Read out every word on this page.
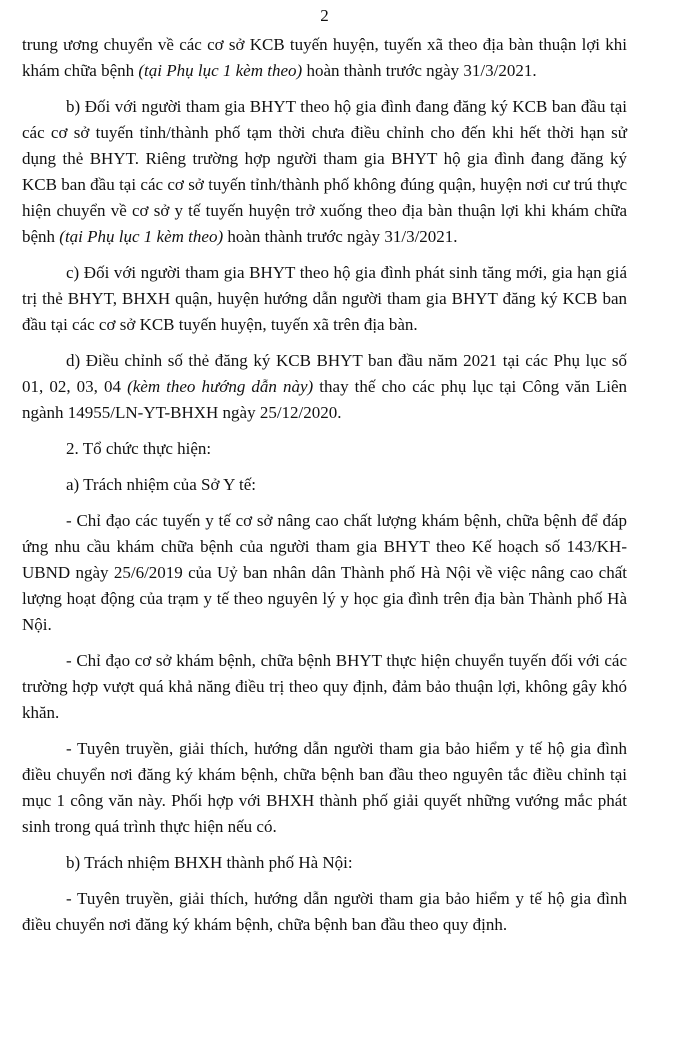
2

trung ương chuyển về các cơ sở KCB tuyến huyện, tuyến xã theo địa bàn thuận lợi khi khám chữa bệnh (tại Phụ lục 1 kèm theo) hoàn thành trước ngày 31/3/2021.

b) Đối với người tham gia BHYT theo hộ gia đình đang đăng ký KCB ban đầu tại các cơ sở tuyến tỉnh/thành phố tạm thời chưa điều chỉnh cho đến khi hết thời hạn sử dụng thẻ BHYT. Riêng trường hợp người tham gia BHYT hộ gia đình đang đăng ký KCB ban đầu tại các cơ sở tuyến tỉnh/thành phố không đúng quận, huyện nơi cư trú thực hiện chuyển về cơ sở y tế tuyến huyện trở xuống theo địa bàn thuận lợi khi khám chữa bệnh (tại Phụ lục 1 kèm theo) hoàn thành trước ngày 31/3/2021.

c) Đối với người tham gia BHYT theo hộ gia đình phát sinh tăng mới, gia hạn giá trị thẻ BHYT, BHXH quận, huyện hướng dẫn người tham gia BHYT đăng ký KCB ban đầu tại các cơ sở KCB tuyến huyện, tuyến xã trên địa bàn.

d) Điều chỉnh số thẻ đăng ký KCB BHYT ban đầu năm 2021 tại các Phụ lục số 01, 02, 03, 04 (kèm theo hướng dẫn này) thay thế cho các phụ lục tại Công văn Liên ngành 14955/LN-YT-BHXH ngày 25/12/2020.

2. Tổ chức thực hiện:

a) Trách nhiệm của Sở Y tế:

- Chỉ đạo các tuyến y tế cơ sở nâng cao chất lượng khám bệnh, chữa bệnh để đáp ứng nhu cầu khám chữa bệnh của người tham gia BHYT theo Kế hoạch số 143/KH-UBND ngày 25/6/2019 của Uỷ ban nhân dân Thành phố Hà Nội về việc nâng cao chất lượng hoạt động của trạm y tế theo nguyên lý y học gia đình trên địa bàn Thành phố Hà Nội.

- Chỉ đạo cơ sở khám bệnh, chữa bệnh BHYT thực hiện chuyển tuyến đối với các trường hợp vượt quá khả năng điều trị theo quy định, đảm bảo thuận lợi, không gây khó khăn.

- Tuyên truyền, giải thích, hướng dẫn người tham gia bảo hiểm y tế hộ gia đình điều chuyển nơi đăng ký khám bệnh, chữa bệnh ban đầu theo nguyên tắc điều chỉnh tại mục 1 công văn này. Phối hợp với BHXH thành phố giải quyết những vướng mắc phát sinh trong quá trình thực hiện nếu có.

b) Trách nhiệm BHXH thành phố Hà Nội:

- Tuyên truyền, giải thích, hướng dẫn người tham gia bảo hiểm y tế hộ gia đình điều chuyển nơi đăng ký khám bệnh, chữa bệnh ban đầu theo quy định.
